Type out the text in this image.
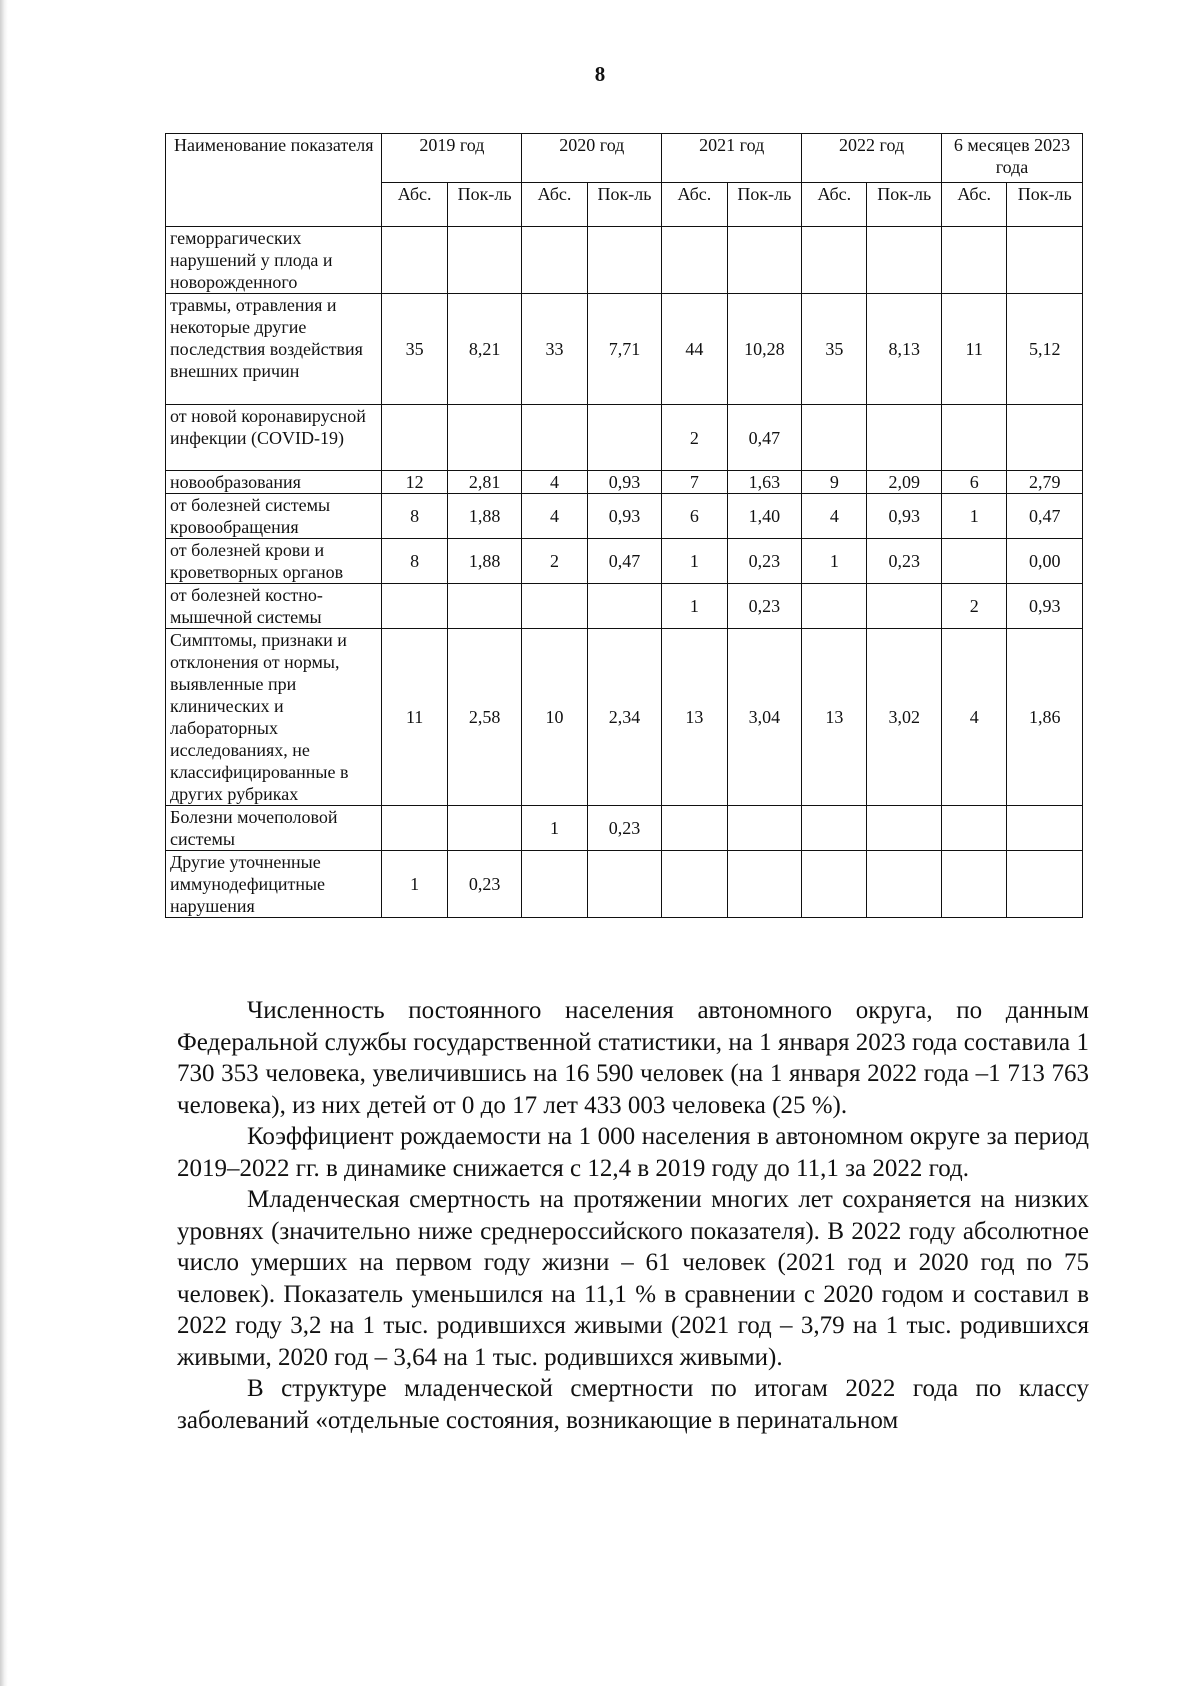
8
Наименование показателя	2019 год		2020 год		2021 год		2022 год		6 месяцев 2023 года	
	Абс.	Пок-ль	Абс.	Пок-ль	Абс.	Пок-ль	Абс.	Пок-ль	Абс.	Пок-ль
геморрагических нарушений у плода и новорожденного										
травмы, отравления и некоторые другие последствия воздействия внешних причин	35	8,21	33	7,71	44	10,28	35	8,13	11	5,12
от новой коронавирусной инфекции (COVID-19)					2	0,47				
новообразования	12	2,81	4	0,93	7	1,63	9	2,09	6	2,79
от болезней системы кровообращения	8	1,88	4	0,93	6	1,40	4	0,93	1	0,47
от болезней крови и кроветворных органов	8	1,88	2	0,47	1	0,23	1	0,23		0,00
от болезней костно-мышечной системы					1	0,23			2	0,93
Симптомы, признаки и отклонения от нормы, выявленные при клинических и лабораторных исследованиях, не классифицированные в других рубриках	11	2,58	10	2,34	13	3,04	13	3,02	4	1,86
Болезни мочеполовой системы			1	0,23						
Другие уточненные иммунодефицитные нарушения	1	0,23								

Численность постоянного населения автономного округа, по данным Федеральной службы государственной статистики, на 1 января 2023 года составила 1 730 353 человека, увеличившись на 16 590 человек (на 1 января 2022 года –1 713 763 человека), из них детей от 0 до 17 лет 433 003 человека (25 %).

Коэффициент рождаемости на 1 000 населения в автономном округе за период 2019–2022 гг. в динамике снижается с 12,4 в 2019 году до 11,1 за 2022 год.

Младенческая смертность на протяжении многих лет сохраняется на низких уровнях (значительно ниже среднероссийского показателя). В 2022 году абсолютное число умерших на первом году жизни – 61 человек (2021 год и 2020 год по 75 человек). Показатель уменьшился на 11,1 % в сравнении с 2020 годом и составил в 2022 году 3,2 на 1 тыс. родившихся живыми (2021 год – 3,79 на 1 тыс. родившихся живыми, 2020 год – 3,64 на 1 тыс. родившихся живыми).

В структуре младенческой смертности по итогам 2022 года по классу заболеваний «отдельные состояния, возникающие в перинатальном
